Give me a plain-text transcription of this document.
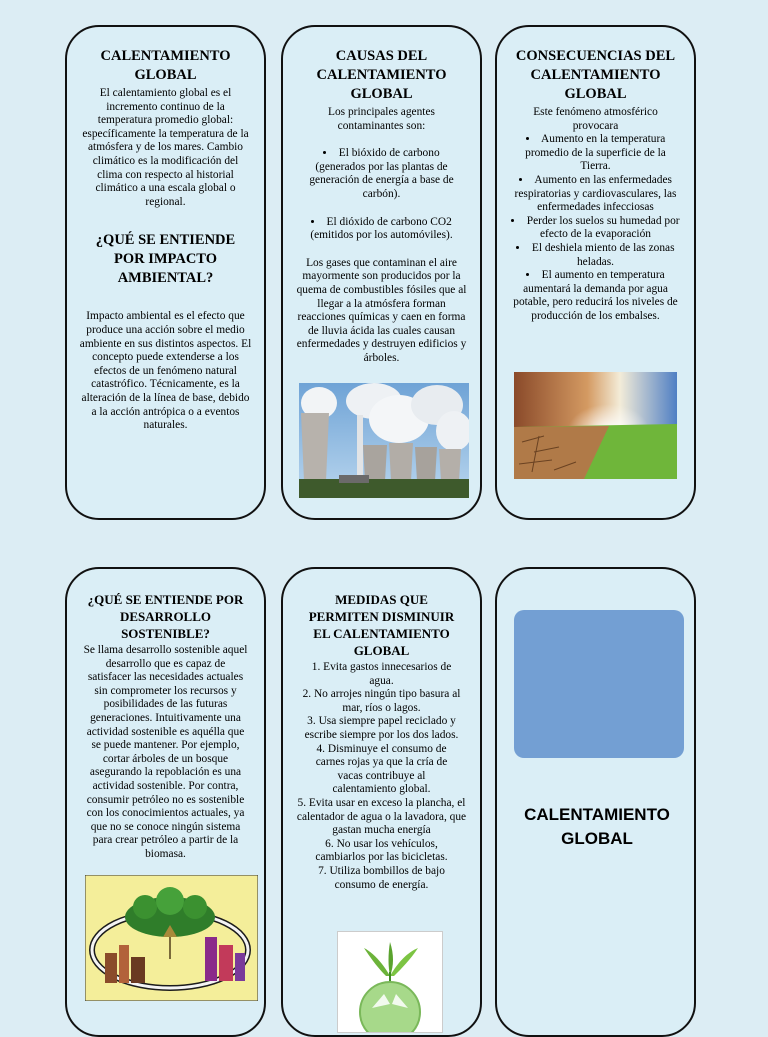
CALENTAMIENTO GLOBAL

El calentamiento global es el incremento continuo de la temperatura promedio global: específicamente la temperatura de la atmósfera y de los mares. Cambio climático es la modificación del clima con respecto al historial climático a una escala global o regional.

¿QUÉ SE ENTIENDE POR IMPACTO AMBIENTAL?

Impacto ambiental es el efecto que produce una acción sobre el medio ambiente en sus distintos aspectos. El concepto puede extenderse a los efectos de un fenómeno natural catastrófico. Técnicamente, es la alteración de la línea de base, debido a la acción antrópica o a eventos naturales.

CAUSAS DEL CALENTAMIENTO GLOBAL

Los principales agentes contaminantes son:

• El bióxido de carbono (generados por las plantas de generación de energía a base de carbón).
• El dióxido de carbono CO2 (emitidos por los automóviles).

Los gases que contaminan el aire mayormente son producidos por la quema de combustibles fósiles que al llegar a la atmósfera forman reacciones químicas y caen en forma de lluvia ácida las cuales causan enfermedades y destruyen edificios y árboles.

CONSECUENCIAS DEL CALENTAMIENTO GLOBAL

Este fenómeno atmosférico provocara

• Aumento en la temperatura promedio de la superficie de la Tierra.
• Aumento en las enfermedades respiratorias y cardiovasculares, las enfermedades infecciosas
• Perder los suelos su humedad por efecto de la evaporación
• El deshiela miento de las zonas heladas.
• El aumento en temperatura aumentará la demanda por agua potable, pero reducirá los niveles de producción de los embalses.
¿QUÉ SE ENTIENDE POR DESARROLLO SOSTENIBLE?

Se llama desarrollo sostenible aquel desarrollo que es capaz de satisfacer las necesidades actuales sin comprometer los recursos y posibilidades de las futuras generaciones. Intuitivamente una actividad sostenible es aquélla que se puede mantener. Por ejemplo, cortar árboles de un bosque asegurando la repoblación es una actividad sostenible. Por contra, consumir petróleo no es sostenible con los conocimientos actuales, ya que no se conoce ningún sistema para crear petróleo a partir de la biomasa.

MEDIDAS QUE PERMITEN DISMINUIR EL CALENTAMIENTO GLOBAL
1. Evita gastos innecesarios de agua.
2. No arrojes ningún tipo basura al mar, ríos o lagos.
3. Usa siempre papel reciclado y escribe siempre por los dos lados.
4. Disminuye el consumo de carnes rojas ya que la cría de vacas contribuye al calentamiento global.
5. Evita usar en exceso la plancha, el calentador de agua o la lavadora, que gastan mucha energía
6. No usar los vehículos, cambiarlos por las bicicletas.
7. Utiliza bombillos de bajo consumo de energía.
CALENTAMIENTO GLOBAL
